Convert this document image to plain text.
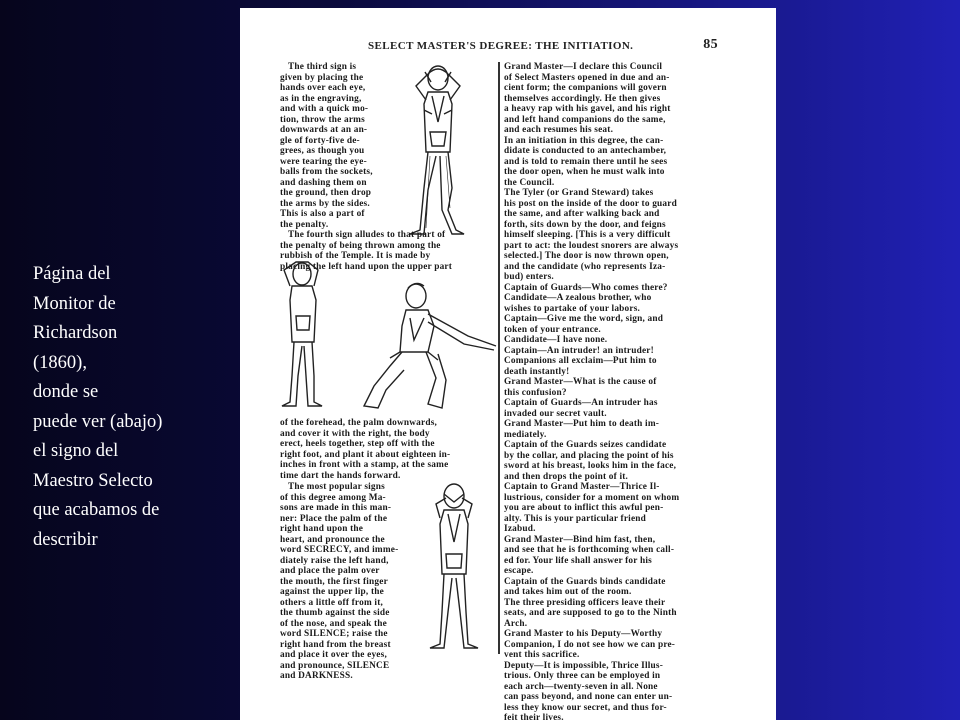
Página del
Monitor de
Richardson
(1860),
donde se
puede ver (abajo)
el signo del
Maestro Selecto
que acabamos de
describir
SELECT MASTER'S DEGREE: THE INITIATION.	85

The third sign is

given by placing the

hands over each eye,

as in the engraving,

and with a quick mo-

tion, throw the arms

downwards at an an-

gle of forty-five de-

grees, as though you

were tearing the eye-

balls from the sockets,

and dashing them on

the ground, then drop

the arms by the sides.

This is also a part of

the penalty.

The fourth sign alludes to that part of

the penalty of being thrown among the

rubbish of the Temple. It is made by

placing the left hand upon the upper part

of the forehead, the palm downwards,

and cover it with the right, the body

erect, heels together, step off with the

right foot, and plant it about eighteen in-

inches in front with a stamp, at the same

time dart the hands forward.

The most popular signs

of this degree among Ma-

sons are made in this man-

ner: Place the palm of the

right hand upon the

heart, and pronounce the

word SECRECY, and imme-

diately raise the left hand,

and place the palm over

the mouth, the first finger

against the upper lip, the

others a little off from it,

the thumb against the side

of the nose, and speak the

word SILENCE; raise the

right hand from the breast

and place it over the eyes,

and pronounce, SILENCE

and DARKNESS.

Grand Master—I declare this Council

of Select Masters opened in due and an-

cient form; the companions will govern

themselves accordingly. He then gives

a heavy rap with his gavel, and his right

and left hand companions do the same,

and each resumes his seat.

In an initiation in this degree, the can-

didate is conducted to an antechamber,

and is told to remain there until he sees

the door open, when he must walk into

the Council.

The Tyler (or Grand Steward) takes

his post on the inside of the door to guard

the same, and after walking back and

forth, sits down by the door, and feigns

himself sleeping. [This is a very difficult

part to act: the loudest snorers are always

selected.] The door is now thrown open,

and the candidate (who represents Iza-

bud) enters.

Captain of Guards—Who comes there?

Candidate—A zealous brother, who

wishes to partake of your labors.

Captain—Give me the word, sign, and

token of your entrance.

Candidate—I have none.

Captain—An intruder! an intruder!

Companions all exclaim—Put him to

death instantly!

Grand Master—What is the cause of

this confusion?

Captain of Guards—An intruder has

invaded our secret vault.

Grand Master—Put him to death im-

mediately.

Captain of the Guards seizes candidate

by the collar, and placing the point of his

sword at his breast, looks him in the face,

and then drops the point of it.

Captain to Grand Master—Thrice Il-

lustrious, consider for a moment on whom

you are about to inflict this awful pen-

alty. This is your particular friend

Izabud.

Grand Master—Bind him fast, then,

and see that he is forthcoming when call-

ed for. Your life shall answer for his

escape.

Captain of the Guards binds candidate

and takes him out of the room.

The three presiding officers leave their

seats, and are supposed to go to the Ninth

Arch.

Grand Master to his Deputy—Worthy

Companion, I do not see how we can pre-

vent this sacrifice.

Deputy—It is impossible, Thrice Illus-

trious. Only three can be employed in

each arch—twenty-seven in all. None

can pass beyond, and none can enter un-

less they know our secret, and thus for-

feit their lives.
